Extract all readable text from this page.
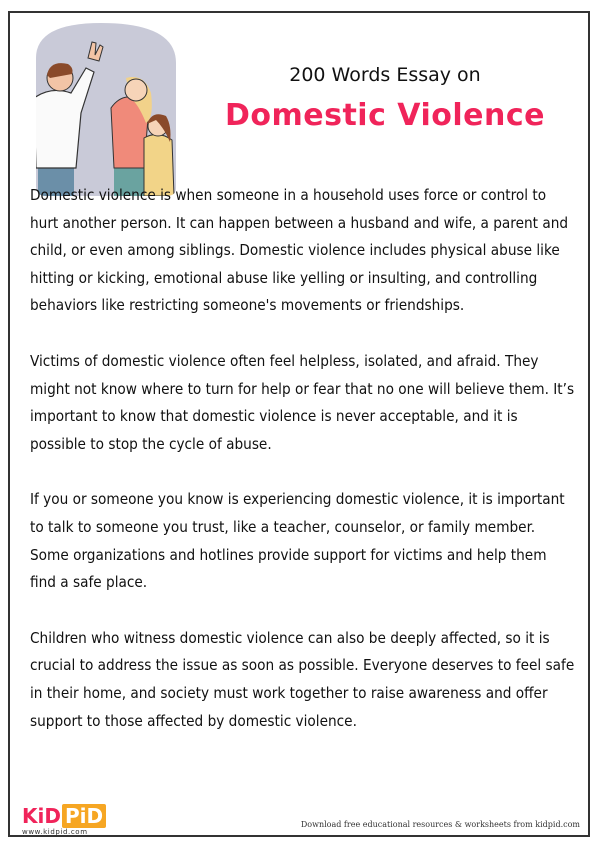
200 Words Essay on
Domestic Violence

Domestic violence is when someone in a household uses force or control to hurt another person. It can happen between a husband and wife, a parent and child, or even among siblings. Domestic violence includes physical abuse like hitting or kicking, emotional abuse like yelling or insulting, and controlling behaviors like restricting someone's movements or friendships.

Victims of domestic violence often feel helpless, isolated, and afraid. They might not know where to turn for help or fear that no one will believe them. It’s important to know that domestic violence is never acceptable, and it is possible to stop the cycle of abuse.

If you or someone you know is experiencing domestic violence, it is important to talk to someone you trust, like a teacher, counselor, or family member. Some organizations and hotlines provide support for victims and help them find a safe place.

Children who witness domestic violence can also be deeply affected, so it is crucial to address the issue as soon as possible. Everyone deserves to feel safe in their home, and society must work together to raise awareness and offer support to those affected by domestic violence.

KiD PiD
www.kidpid.com
Download free educational resources & worksheets from kidpid.com
